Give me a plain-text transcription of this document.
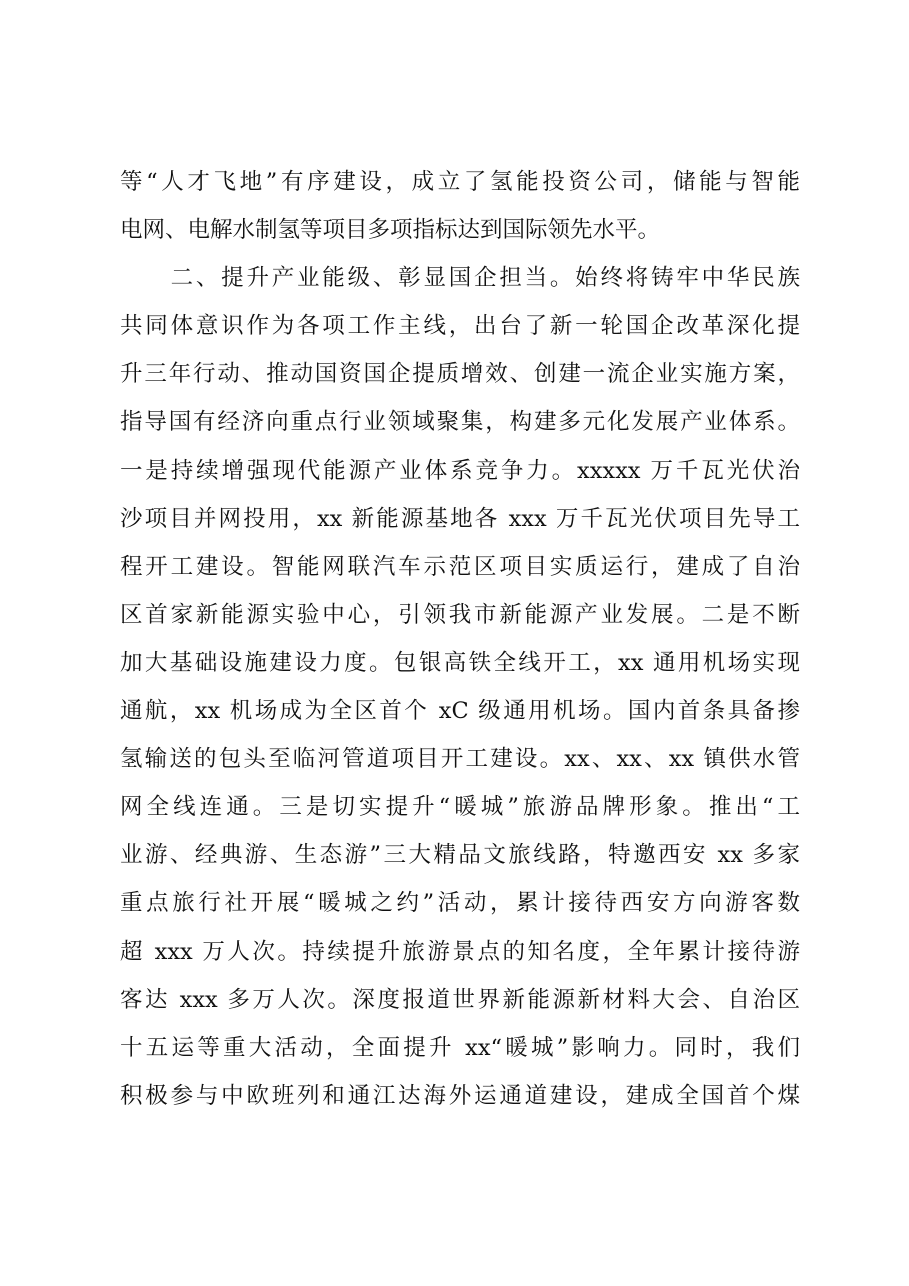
等“人才飞地”有序建设，成立了氢能投资公司，储能与智能
电网、电解水制氢等项目多项指标达到国际领先水平。
　　二、提升产业能级、彰显国企担当。始终将铸牢中华民族
共同体意识作为各项工作主线，出台了新一轮国企改革深化提
升三年行动、推动国资国企提质增效、创建一流企业实施方案，
指导国有经济向重点行业领域聚集，构建多元化发展产业体系。
一是持续增强现代能源产业体系竞争力。xxxxx 万千瓦光伏治
沙项目并网投用，xx 新能源基地各 xxx 万千瓦光伏项目先导工
程开工建设。智能网联汽车示范区项目实质运行，建成了自治
区首家新能源实验中心，引领我市新能源产业发展。二是不断
加大基础设施建设力度。包银高铁全线开工，xx 通用机场实现
通航，xx 机场成为全区首个 xC 级通用机场。国内首条具备掺
氢输送的包头至临河管道项目开工建设。xx、xx、xx 镇供水管
网全线连通。三是切实提升“暖城”旅游品牌形象。推出“工
业游、经典游、生态游”三大精品文旅线路，特邀西安 xx 多家
重点旅行社开展“暖城之约”活动，累计接待西安方向游客数
超 xxx 万人次。持续提升旅游景点的知名度，全年累计接待游
客达 xxx 多万人次。深度报道世界新能源新材料大会、自治区
十五运等重大活动，全面提升 xx“暖城”影响力。同时，我们
积极参与中欧班列和通江达海外运通道建设，建成全国首个煤
